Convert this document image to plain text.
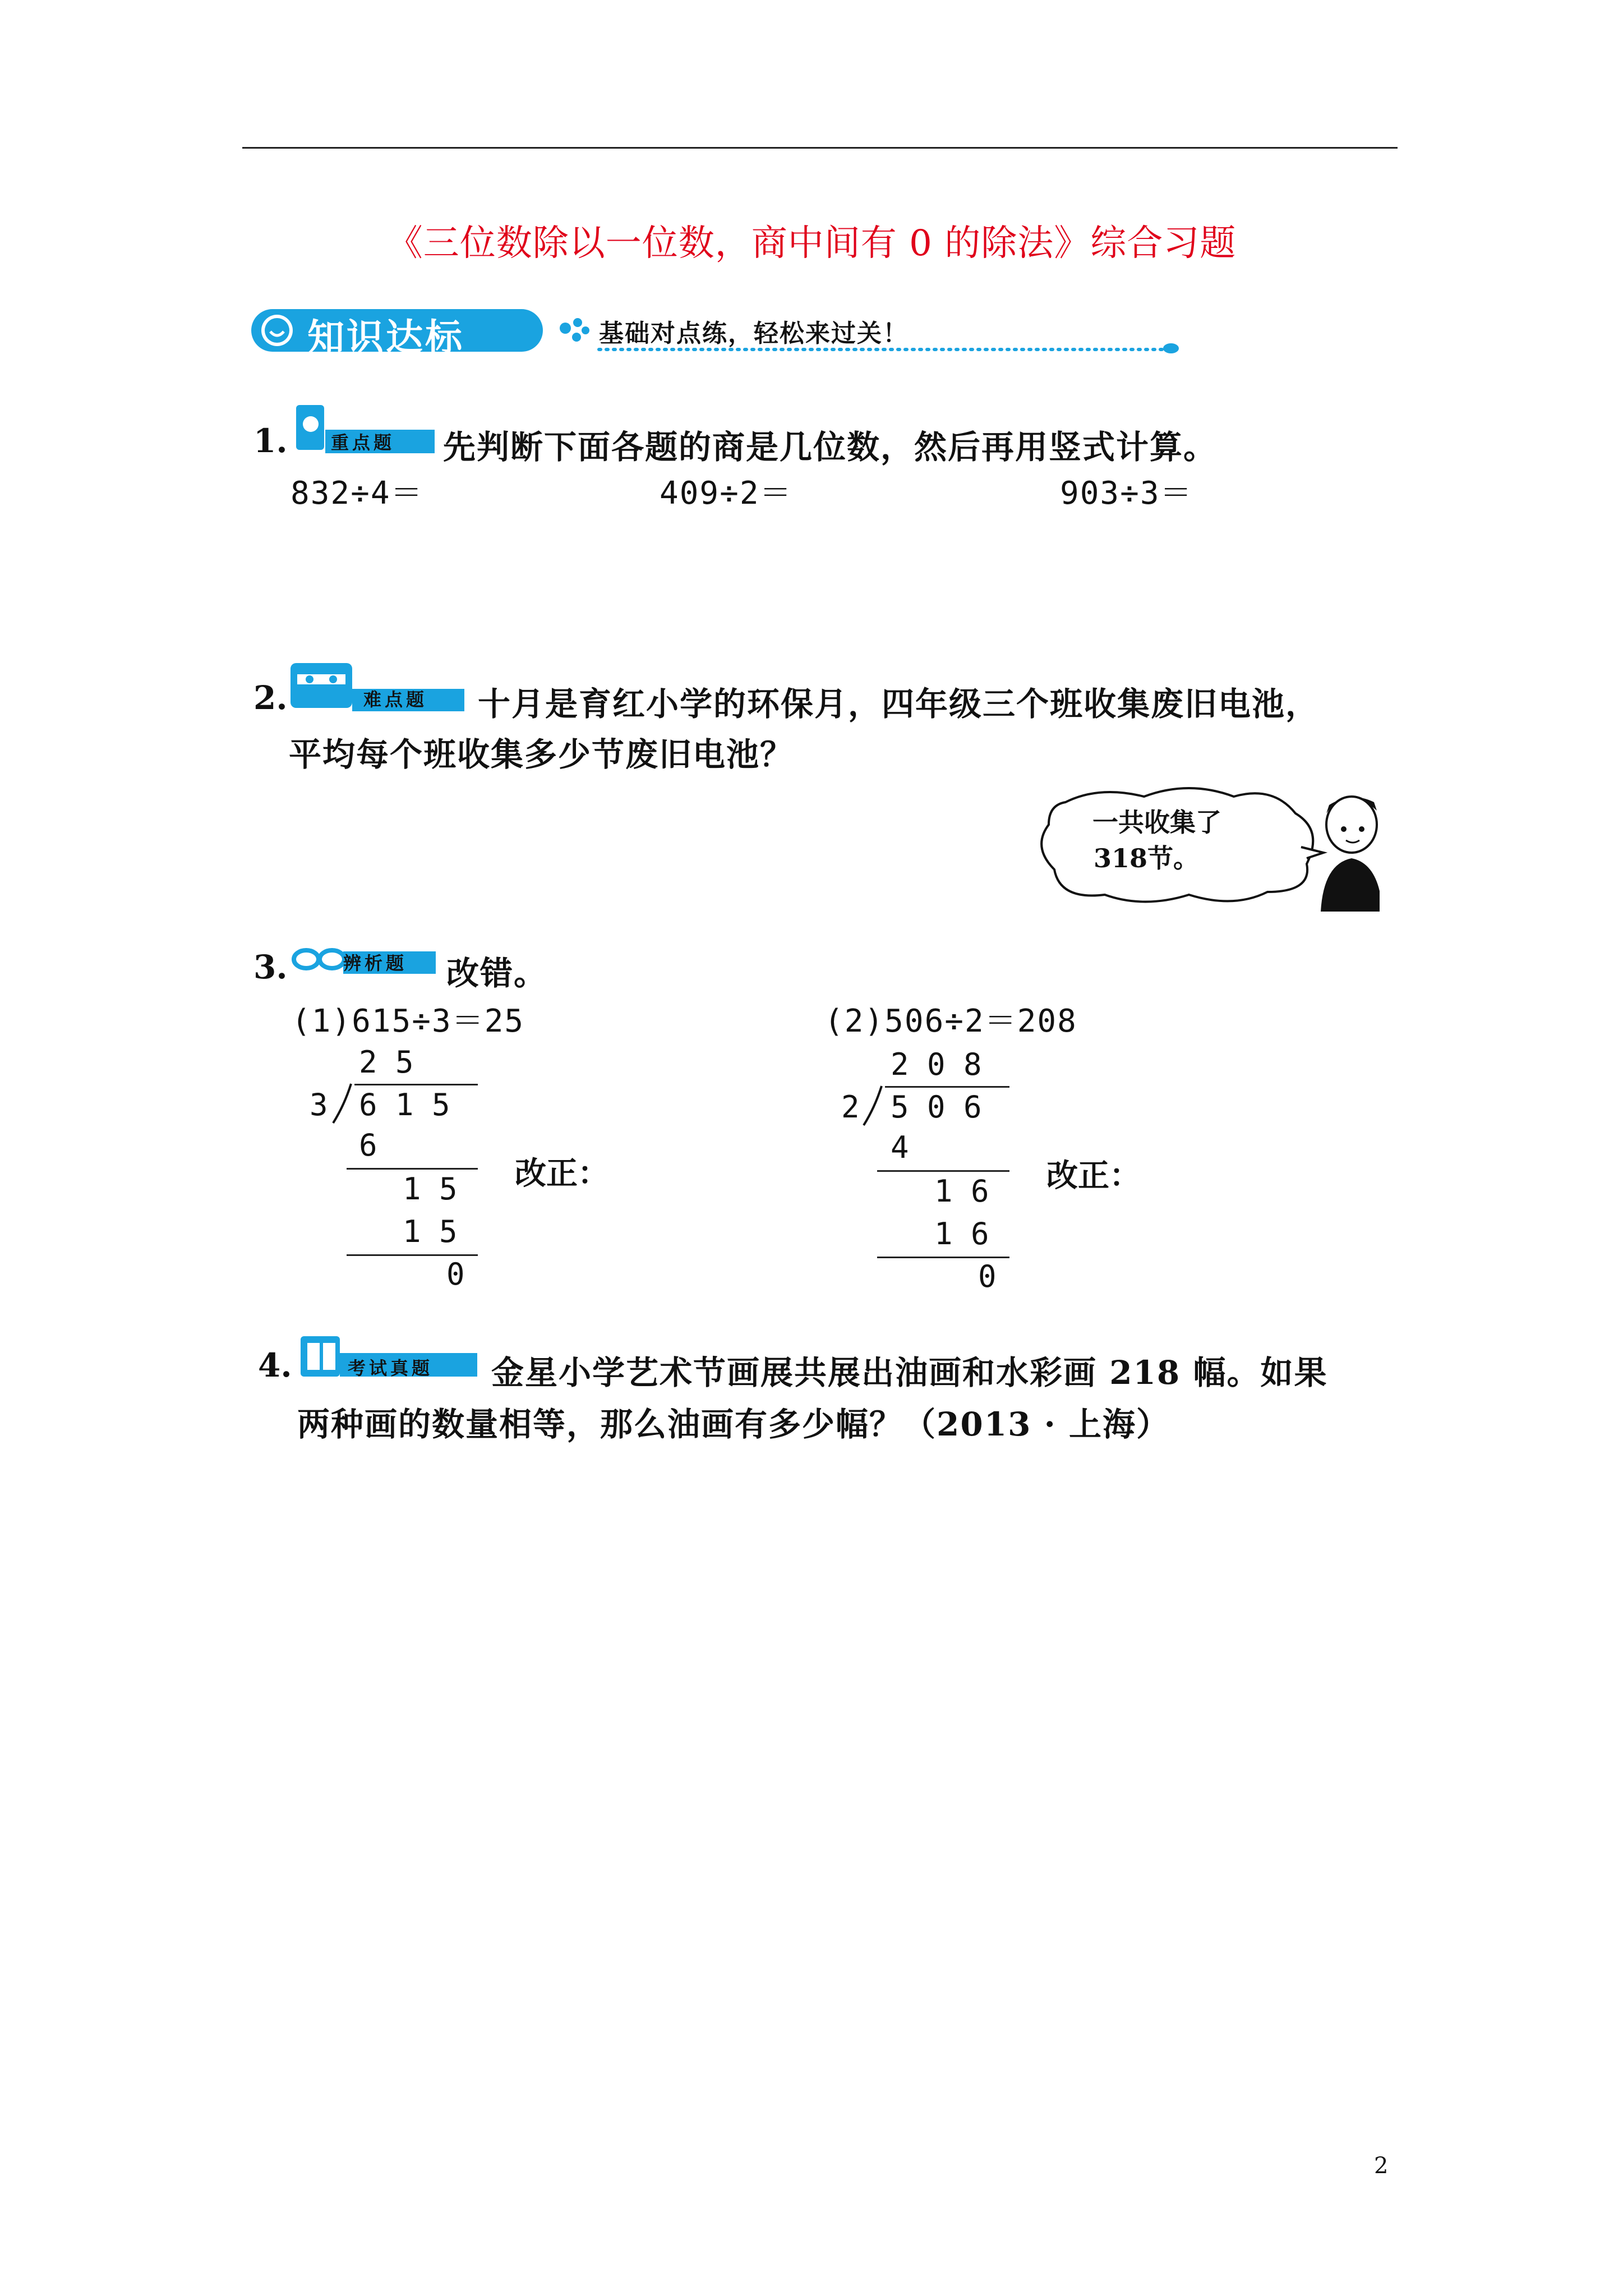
《三位数除以一位数，商中间有 0 的除法》综合习题
知识达标	基础对点练，轻松来过关！
1. 重点题 先判断下面各题的商是几位数，然后再用竖式计算。
832÷4＝	409÷2＝	903÷3＝
2.	难点题 十月是育红小学的环保月，四年级三个班收集废旧电池，
平均每个班收集多少节废旧电池？
一共收集了
318节。
3.	辨析题 改错。
(1)615÷3＝25
2 5
3 6 1 5
6
1 5
1 5
0
改正：
(2)506÷2＝208
2 0 8
2 5 0 6
4
1 6
1 6
0
改正：
4.	考试真题 金星小学艺术节画展共展出油画和水彩画 218 幅。如果
两种画的数量相等，那么油画有多少幅？（2013 · 上海）
2
